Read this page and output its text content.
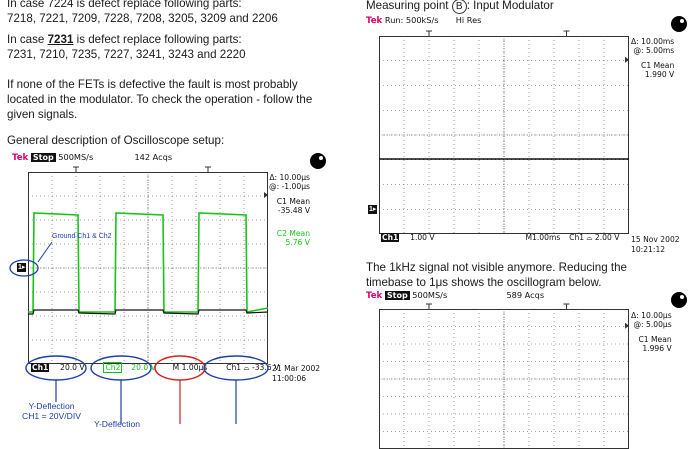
In case 7224 is defect replace following parts:
7218, 7221, 7209, 7228, 7208, 3205, 3209 and 2206
In case 7231 is defect replace following parts:
7231, 7210, 7235, 7227, 3241, 3243 and 2220
If none of the FETs is defective the fault is most probably
located in the modulator. To check the operation - follow the
given signals.
General description of Oscilloscope setup:
Tek Stop 500MS/s	142 Acqs
Δ: 10.00μs
@: -1.00μs
C1 Mean
-35.48 V
C2 Mean
5.76 V
Ground Ch1 & Ch2
1▸
Ch1 20.0 V	Ch2 20.0 V M 1.00μs Ch1 ⌓ -33.6 V
21 Mar 2002
11:00:06
Y-Deflection
CH1 = 20V/DIV
Y-Deflection
Measuring point B : Input Modulator
Tek Run: 500kS/s Hi Res
Δ: 10.00ms
@: 5.00ms
C1 Mean
1.990 V
1▸
Ch1 1.00 V	M1.00ms Ch1 ⌓ 2.00 V 15 Nov 2002
10:21:12
The 1kHz signal not visible anymore. Reducing the
timebase to 1μs shows the oscillogram below.
Tek Stop 500MS/s	589 Acqs
Δ: 10.00μs
@: 5.00μs
C1 Mean
1.996 V
